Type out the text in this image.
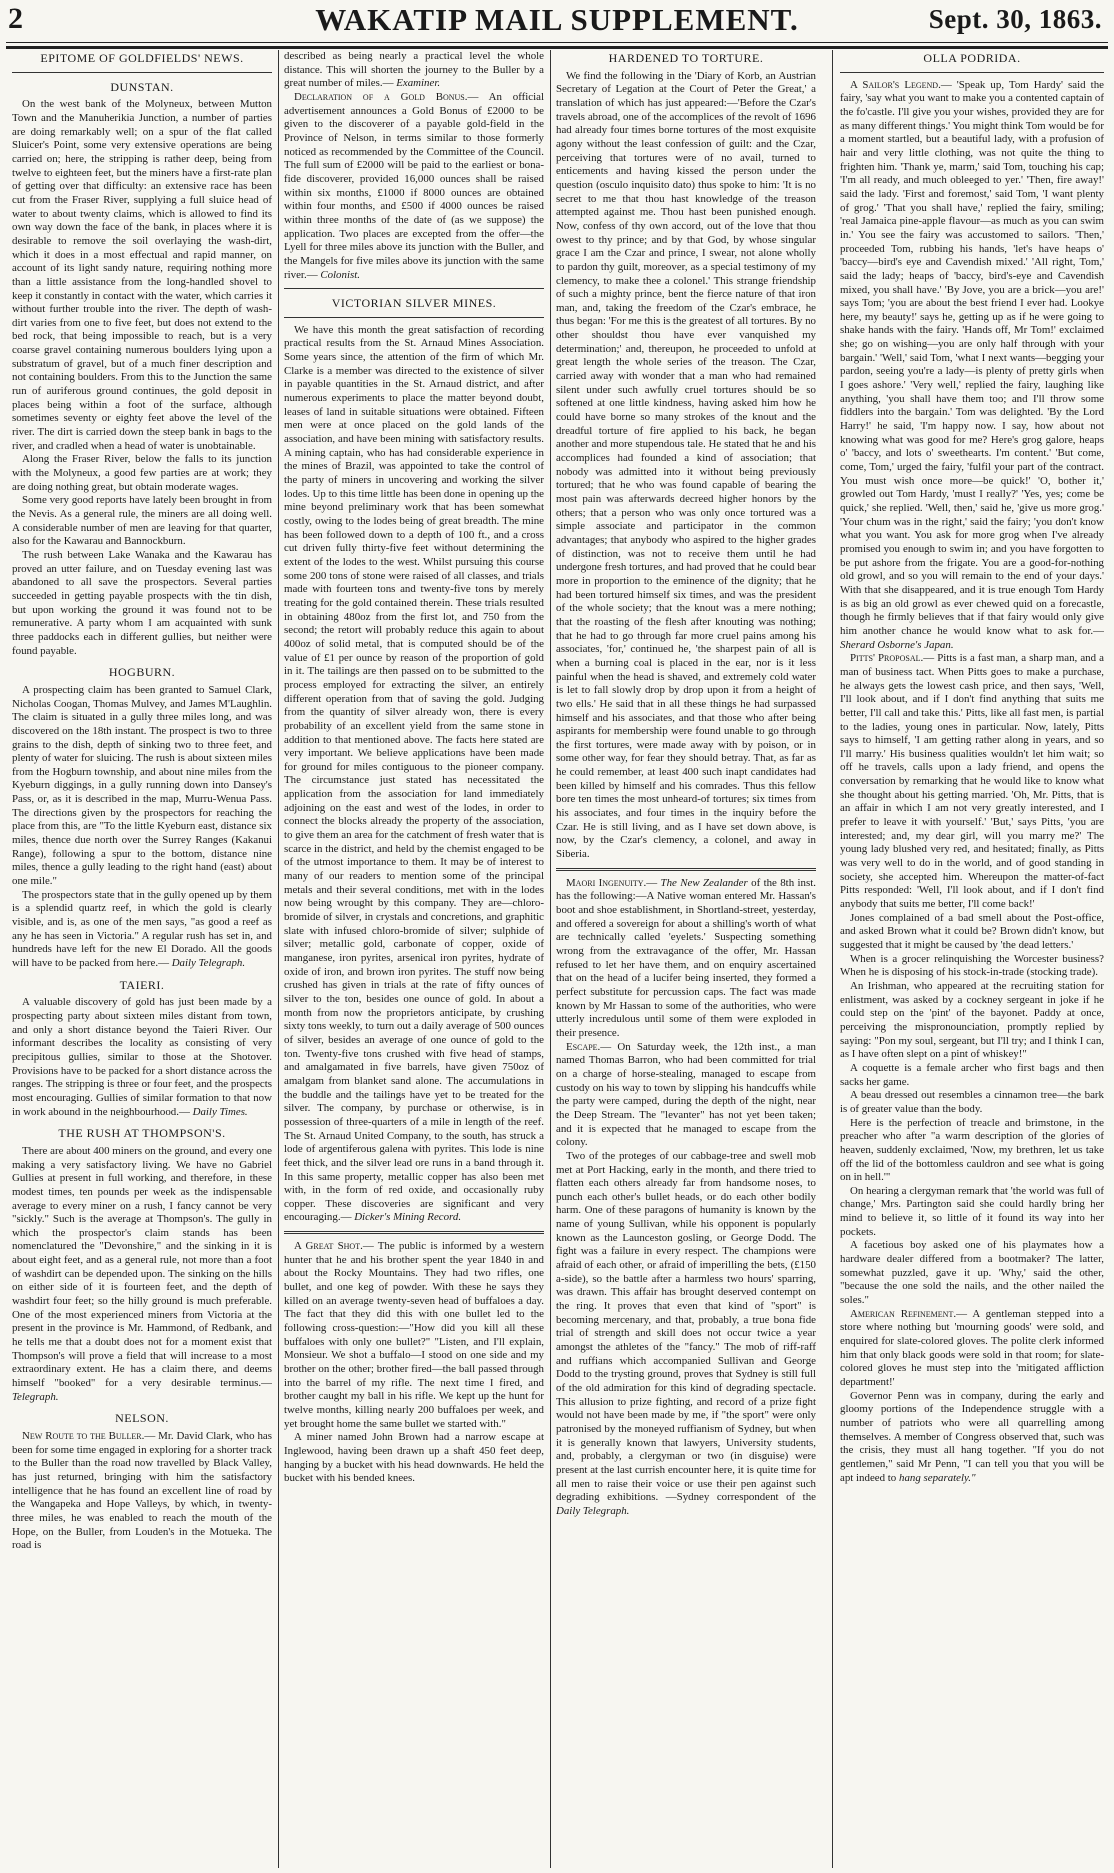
2	WAKATIP MAIL SUPPLEMENT.	Sept. 30, 1863.
EPITOME OF GOLDFIELDS' NEWS.
DUNSTAN.

On the west bank of the Molyneux, between Mutton Town and the Manuherikia Junction, a number of parties are doing remarkably well; on a spur of the flat called Sluicer's Point, some very extensive operations are being carried on; here, the stripping is rather deep, being from twelve to eighteen feet, but the miners have a first-rate plan of getting over that difficulty: an extensive race has been cut from the Fraser River, supplying a full sluice head of water to about twenty claims, which is allowed to find its own way down the face of the bank, in places where it is desirable to remove the soil overlaying the wash-dirt, which it does in a most effectual and rapid manner, on account of its light sandy nature, requiring nothing more than a little assistance from the long-handled shovel to keep it constantly in contact with the water, which carries it without further trouble into the river. The depth of wash-dirt varies from one to five feet, but does not extend to the bed rock, that being impossible to reach, but is a very coarse gravel containing numerous boulders lying upon a substratum of gravel, but of a much finer description and not containing boulders. From this to the Junction the same run of auriferous ground continues, the gold deposit in places being within a foot of the surface, although sometimes seventy or eighty feet above the level of the river. The dirt is carried down the steep bank in bags to the river, and cradled when a head of water is unobtainable.

Along the Fraser River, below the falls to its junction with the Molyneux, a good few parties are at work; they are doing nothing great, but obtain moderate wages.

Some very good reports have lately been brought in from the Nevis. As a general rule, the miners are all doing well. A considerable number of men are leaving for that quarter, also for the Kawarau and Bannockburn.

The rush between Lake Wanaka and the Kawarau has proved an utter failure, and on Tuesday evening last was abandoned to all save the prospectors. Several parties succeeded in getting payable prospects with the tin dish, but upon working the ground it was found not to be remunerative. A party whom I am acquainted with sunk three paddocks each in different gullies, but neither were found payable.

HOGBURN.

A prospecting claim has been granted to Samuel Clark, Nicholas Coogan, Thomas Mulvey, and James M'Laughlin. The claim is situated in a gully three miles long, and was discovered on the 18th instant. The prospect is two to three grains to the dish, depth of sinking two to three feet, and plenty of water for sluicing. The rush is about sixteen miles from the Hogburn township, and about nine miles from the Kyeburn diggings, in a gully running down into Dansey's Pass, or, as it is described in the map, Murru-Wenua Pass. The directions given by the prospectors for reaching the place from this, are "To the little Kyeburn east, distance six miles, thence due north over the Surrey Ranges (Kakanui Range), following a spur to the bottom, distance nine miles, thence a gully leading to the right hand (east) about one mile."

The prospectors state that in the gully opened up by them is a splendid quartz reef, in which the gold is clearly visible, and is, as one of the men says, "as good a reef as any he has seen in Victoria." A regular rush has set in, and hundreds have left for the new El Dorado. All the goods will have to be packed from here.— Daily Telegraph.

TAIERI.

A valuable discovery of gold has just been made by a prospecting party about sixteen miles distant from town, and only a short distance beyond the Taieri River. Our informant describes the locality as consisting of very precipitous gullies, similar to those at the Shotover. Provisions have to be packed for a short distance across the ranges. The stripping is three or four feet, and the prospects most encouraging. Gullies of similar formation to that now in work abound in the neighbourhood.— Daily Times.

THE RUSH AT THOMPSON'S.

There are about 400 miners on the ground, and every one making a very satisfactory living. We have no Gabriel Gullies at present in full working, and therefore, in these modest times, ten pounds per week as the indispensable average to every miner on a rush, I fancy cannot be very "sickly." Such is the average at Thompson's. The gully in which the prospector's claim stands has been nomenclatured the "Devonshire," and the sinking in it is about eight feet, and as a general rule, not more than a foot of washdirt can be depended upon. The sinking on the hills on either side of it is fourteen feet, and the depth of washdirt four feet; so the hilly ground is much preferable. One of the most experienced miners from Victoria at the present in the province is Mr. Hammond, of Redbank, and he tells me that a doubt does not for a moment exist that Thompson's will prove a field that will increase to a most extraordinary extent. He has a claim there, and deems himself "booked" for a very desirable terminus.— Telegraph.

NELSON.

New Route to the Buller.— Mr. David Clark, who has been for some time engaged in exploring for a shorter track to the Buller than the road now travelled by Black Valley, has just returned, bringing with him the satisfactory intelligence that he has found an excellent line of road by the Wangapeka and Hope Valleys, by which, in twenty-three miles, he was enabled to reach the mouth of the Hope, on the Buller, from Louden's in the Motueka. The road is

described as being nearly a practical level the whole distance. This will shorten the journey to the Buller by a great number of miles.— Examiner.

Declaration of a Gold Bonus.— An official advertisement announces a Gold Bonus of £2000 to be given to the discoverer of a payable gold-field in the Province of Nelson, in terms similar to those formerly noticed as recommended by the Committee of the Council. The full sum of £2000 will be paid to the earliest or bona-fide discoverer, provided 16,000 ounces shall be raised within six months, £1000 if 8000 ounces are obtained within four months, and £500 if 4000 ounces be raised within three months of the date of (as we suppose) the application. Two places are excepted from the offer—the Lyell for three miles above its junction with the Buller, and the Mangels for five miles above its junction with the same river.— Colonist.

VICTORIAN SILVER MINES.

We have this month the great satisfaction of recording practical results from the St. Arnaud Mines Association. Some years since, the attention of the firm of which Mr. Clarke is a member was directed to the existence of silver in payable quantities in the St. Arnaud district, and after numerous experiments to place the matter beyond doubt, leases of land in suitable situations were obtained. Fifteen men were at once placed on the gold lands of the association, and have been mining with satisfactory results. A mining captain, who has had considerable experience in the mines of Brazil, was appointed to take the control of the party of miners in uncovering and working the silver lodes. Up to this time little has been done in opening up the mine beyond preliminary work that has been somewhat costly, owing to the lodes being of great breadth. The mine has been followed down to a depth of 100 ft., and a cross cut driven fully thirty-five feet without determining the extent of the lodes to the west. Whilst pursuing this course some 200 tons of stone were raised of all classes, and trials made with fourteen tons and twenty-five tons by merely treating for the gold contained therein. These trials resulted in obtaining 480oz from the first lot, and 750 from the second; the retort will probably reduce this again to about 400oz of solid metal, that is computed should be of the value of £1 per ounce by reason of the proportion of gold in it. The tailings are then passed on to be submitted to the process employed for extracting the silver, an entirely different operation from that of saving the gold. Judging from the quantity of silver already won, there is every probability of an excellent yield from the same stone in addition to that mentioned above. The facts here stated are very important. We believe applications have been made for ground for miles contiguous to the pioneer company. The circumstance just stated has necessitated the application from the association for land immediately adjoining on the east and west of the lodes, in order to connect the blocks already the property of the association, to give them an area for the catchment of fresh water that is scarce in the district, and held by the chemist engaged to be of the utmost importance to them. It may be of interest to many of our readers to mention some of the principal metals and their several conditions, met with in the lodes now being wrought by this company. They are—chloro-bromide of silver, in crystals and concretions, and graphitic slate with infused chloro-bromide of silver; sulphide of silver; metallic gold, carbonate of copper, oxide of manganese, iron pyrites, arsenical iron pyrites, hydrate of oxide of iron, and brown iron pyrites. The stuff now being crushed has given in trials at the rate of fifty ounces of silver to the ton, besides one ounce of gold. In about a month from now the proprietors anticipate, by crushing sixty tons weekly, to turn out a daily average of 500 ounces of silver, besides an average of one ounce of gold to the ton. Twenty-five tons crushed with five head of stamps, and amalgamated in five barrels, have given 750oz of amalgam from blanket sand alone. The accumulations in the buddle and the tailings have yet to be treated for the silver. The company, by purchase or otherwise, is in possession of three-quarters of a mile in length of the reef. The St. Arnaud United Company, to the south, has struck a lode of argentiferous galena with pyrites. This lode is nine feet thick, and the silver lead ore runs in a band through it. In this same property, metallic copper has also been met with, in the form of red oxide, and occasionally ruby copper. These discoveries are significant and very encouraging.— Dicker's Mining Record.

A Great Shot.— The public is informed by a western hunter that he and his brother spent the year 1840 in and about the Rocky Mountains. They had two rifles, one bullet, and one keg of powder. With these he says they killed on an average twenty-seven head of buffaloes a day. The fact that they did this with one bullet led to the following cross-question:—"How did you kill all these buffaloes with only one bullet?" "Listen, and I'll explain, Monsieur. We shot a buffalo—I stood on one side and my brother on the other; brother fired—the ball passed through into the barrel of my rifle. The next time I fired, and brother caught my ball in his rifle. We kept up the hunt for twelve months, killing nearly 200 buffaloes per week, and yet brought home the same bullet we started with."

A miner named John Brown had a narrow escape at Inglewood, having been drawn up a shaft 450 feet deep, hanging by a bucket with his head downwards. He held the bucket with his bended knees.

HARDENED TO TORTURE.

We find the following in the 'Diary of Korb, an Austrian Secretary of Legation at the Court of Peter the Great,' a translation of which has just appeared:—'Before the Czar's travels abroad, one of the accomplices of the revolt of 1696 had already four times borne tortures of the most exquisite agony without the least confession of guilt: and the Czar, perceiving that tortures were of no avail, turned to enticements and having kissed the person under the question (osculo inquisito dato) thus spoke to him: 'It is no secret to me that thou hast knowledge of the treason attempted against me. Thou hast been punished enough. Now, confess of thy own accord, out of the love that thou owest to thy prince; and by that God, by whose singular grace I am the Czar and prince, I swear, not alone wholly to pardon thy guilt, moreover, as a special testimony of my clemency, to make thee a colonel.' This strange friendship of such a mighty prince, bent the fierce nature of that iron man, and, taking the freedom of the Czar's embrace, he thus began: 'For me this is the greatest of all tortures. By no other shouldst thou have ever vanquished my determination;' and, thereupon, he proceeded to unfold at great length the whole series of the treason. The Czar, carried away with wonder that a man who had remained silent under such awfully cruel tortures should be so softened at one little kindness, having asked him how he could have borne so many strokes of the knout and the dreadful torture of fire applied to his back, he began another and more stupendous tale. He stated that he and his accomplices had founded a kind of association; that nobody was admitted into it without being previously tortured; that he who was found capable of bearing the most pain was afterwards decreed higher honors by the others; that a person who was only once tortured was a simple associate and participator in the common advantages; that anybody who aspired to the higher grades of distinction, was not to receive them until he had undergone fresh tortures, and had proved that he could bear more in proportion to the eminence of the dignity; that he had been tortured himself six times, and was the president of the whole society; that the knout was a mere nothing; that the roasting of the flesh after knouting was nothing; that he had to go through far more cruel pains among his associates, 'for,' continued he, 'the sharpest pain of all is when a burning coal is placed in the ear, nor is it less painful when the head is shaved, and extremely cold water is let to fall slowly drop by drop upon it from a height of two ells.' He said that in all these things he had surpassed himself and his associates, and that those who after being aspirants for membership were found unable to go through the first tortures, were made away with by poison, or in some other way, for fear they should betray. That, as far as he could remember, at least 400 such inapt candidates had been killed by himself and his comrades. Thus this fellow bore ten times the most unheard-of tortures; six times from his associates, and four times in the inquiry before the Czar. He is still living, and as I have set down above, is now, by the Czar's clemency, a colonel, and away in Siberia.

Maori Ingenuity.— The New Zealander of the 8th inst. has the following:—A Native woman entered Mr. Hassan's boot and shoe establishment, in Shortland-street, yesterday, and offered a sovereign for about a shilling's worth of what are technically called 'eyelets.' Suspecting something wrong from the extravagance of the offer, Mr. Hassan refused to let her have them, and on enquiry ascertained that on the head of a lucifer being inserted, they formed a perfect substitute for percussion caps. The fact was made known by Mr Hassan to some of the authorities, who were utterly incredulous until some of them were exploded in their presence.

Escape.— On Saturday week, the 12th inst., a man named Thomas Barron, who had been committed for trial on a charge of horse-stealing, managed to escape from custody on his way to town by slipping his handcuffs while the party were camped, during the depth of the night, near the Deep Stream. The "levanter" has not yet been taken; and it is expected that he managed to escape from the colony.

Two of the proteges of our cabbage-tree and swell mob met at Port Hacking, early in the month, and there tried to flatten each others already far from handsome noses, to punch each other's bullet heads, or do each other bodily harm. One of these paragons of humanity is known by the name of young Sullivan, while his opponent is popularly known as the Launceston gosling, or George Dodd. The fight was a failure in every respect. The champions were afraid of each other, or afraid of imperilling the bets, (£150 a-side), so the battle after a harmless two hours' sparring, was drawn. This affair has brought deserved contempt on the ring. It proves that even that kind of "sport" is becoming mercenary, and that, probably, a true bona fide trial of strength and skill does not occur twice a year amongst the athletes of the "fancy." The mob of riff-raff and ruffians which accompanied Sullivan and George Dodd to the trysting ground, proves that Sydney is still full of the old admiration for this kind of degrading spectacle. This allusion to prize fighting, and record of a prize fight would not have been made by me, if "the sport" were only patronised by the moneyed ruffianism of Sydney, but when it is generally known that lawyers, University students, and, probably, a clergyman or two (in disguise) were present at the last currish encounter here, it is quite time for all men to raise their voice or use their pen against such degrading exhibitions. —Sydney correspondent of the Daily Telegraph.

OLLA PODRIDA.

A Sailor's Legend.— 'Speak up, Tom Hardy' said the fairy, 'say what you want to make you a contented captain of the fo'castle. I'll give you your wishes, provided they are for as many different things.' You might think Tom would be for a moment startled, but a beautiful lady, with a profusion of hair and very little clothing, was not quite the thing to frighten him. 'Thank ye, marm,' said Tom, touching his cap; 'I'm all ready, and much obleeged to yer.' 'Then, fire away!' said the lady. 'First and foremost,' said Tom, 'I want plenty of grog.' 'That you shall have,' replied the fairy, smiling; 'real Jamaica pine-apple flavour—as much as you can swim in.' You see the fairy was accustomed to sailors. 'Then,' proceeded Tom, rubbing his hands, 'let's have heaps o' 'baccy—bird's eye and Cavendish mixed.' 'All right, Tom,' said the lady; heaps of 'baccy, bird's-eye and Cavendish mixed, you shall have.' 'By Jove, you are a brick—you are!' says Tom; 'you are about the best friend I ever had. Lookye here, my beauty!' says he, getting up as if he were going to shake hands with the fairy. 'Hands off, Mr Tom!' exclaimed she; go on wishing—you are only half through with your bargain.' 'Well,' said Tom, 'what I next wants—begging your pardon, seeing you're a lady—is plenty of pretty girls when I goes ashore.' 'Very well,' replied the fairy, laughing like anything, 'you shall have them too; and I'll throw some fiddlers into the bargain.' Tom was delighted. 'By the Lord Harry!' he said, 'I'm happy now. I say, how about not knowing what was good for me? Here's grog galore, heaps o' 'baccy, and lots o' sweethearts. I'm content.' 'But come, come, Tom,' urged the fairy, 'fulfil your part of the contract. You must wish once more—be quick!' 'O, bother it,' growled out Tom Hardy, 'must I really?' 'Yes, yes; come be quick,' she replied. 'Well, then,' said he, 'give us more grog.' 'Your chum was in the right,' said the fairy; 'you don't know what you want. You ask for more grog when I've already promised you enough to swim in; and you have forgotten to be put ashore from the frigate. You are a good-for-nothing old growl, and so you will remain to the end of your days.' With that she disappeared, and it is true enough Tom Hardy is as big an old growl as ever chewed quid on a forecastle, though he firmly believes that if that fairy would only give him another chance he would know what to ask for.— Sherard Osborne's Japan.

Pitts' Proposal.— Pitts is a fast man, a sharp man, and a man of business tact. When Pitts goes to make a purchase, he always gets the lowest cash price, and then says, 'Well, I'll look about, and if I don't find anything that suits me better, I'll call and take this.' Pitts, like all fast men, is partial to the ladies, young ones in particular. Now, lately, Pitts says to himself, 'I am getting rather along in years, and so I'll marry.' His business qualities wouldn't let him wait; so off he travels, calls upon a lady friend, and opens the conversation by remarking that he would like to know what she thought about his getting married. 'Oh, Mr. Pitts, that is an affair in which I am not very greatly interested, and I prefer to leave it with yourself.' 'But,' says Pitts, 'you are interested; and, my dear girl, will you marry me?' The young lady blushed very red, and hesitated; finally, as Pitts was very well to do in the world, and of good standing in society, she accepted him. Whereupon the matter-of-fact Pitts responded: 'Well, I'll look about, and if I don't find anybody that suits me better, I'll come back!'

Jones complained of a bad smell about the Post-office, and asked Brown what it could be? Brown didn't know, but suggested that it might be caused by 'the dead letters.'

When is a grocer relinquishing the Worcester business? When he is disposing of his stock-in-trade (stocking trade).

An Irishman, who appeared at the recruiting station for enlistment, was asked by a cockney sergeant in joke if he could step on the 'pint' of the bayonet. Paddy at once, perceiving the mispronounciation, promptly replied by saying: "Pon my soul, sergeant, but I'll try; and I think I can, as I have often slept on a pint of whiskey!"

A coquette is a female archer who first bags and then sacks her game.

A beau dressed out resembles a cinnamon tree—the bark is of greater value than the body.

Here is the perfection of treacle and brimstone, in the preacher who after "a warm description of the glories of heaven, suddenly exclaimed, 'Now, my brethren, let us take off the lid of the bottomless cauldron and see what is going on in hell.'"

On hearing a clergyman remark that 'the world was full of change,' Mrs. Partington said she could hardly bring her mind to believe it, so little of it found its way into her pockets.

A facetious boy asked one of his playmates how a hardware dealer differed from a bootmaker? The latter, somewhat puzzled, gave it up. 'Why,' said the other, "because the one sold the nails, and the other nailed the soles."

American Refinement.— A gentleman stepped into a store where nothing but 'mourning goods' were sold, and enquired for slate-colored gloves. The polite clerk informed him that only black goods were sold in that room; for slate-colored gloves he must step into the 'mitigated affliction department!'

Governor Penn was in company, during the early and gloomy portions of the Independence struggle with a number of patriots who were all quarrelling among themselves. A member of Congress observed that, such was the crisis, they must all hang together. "If you do not gentlemen," said Mr Penn, "I can tell you that you will be apt indeed to hang separately."
